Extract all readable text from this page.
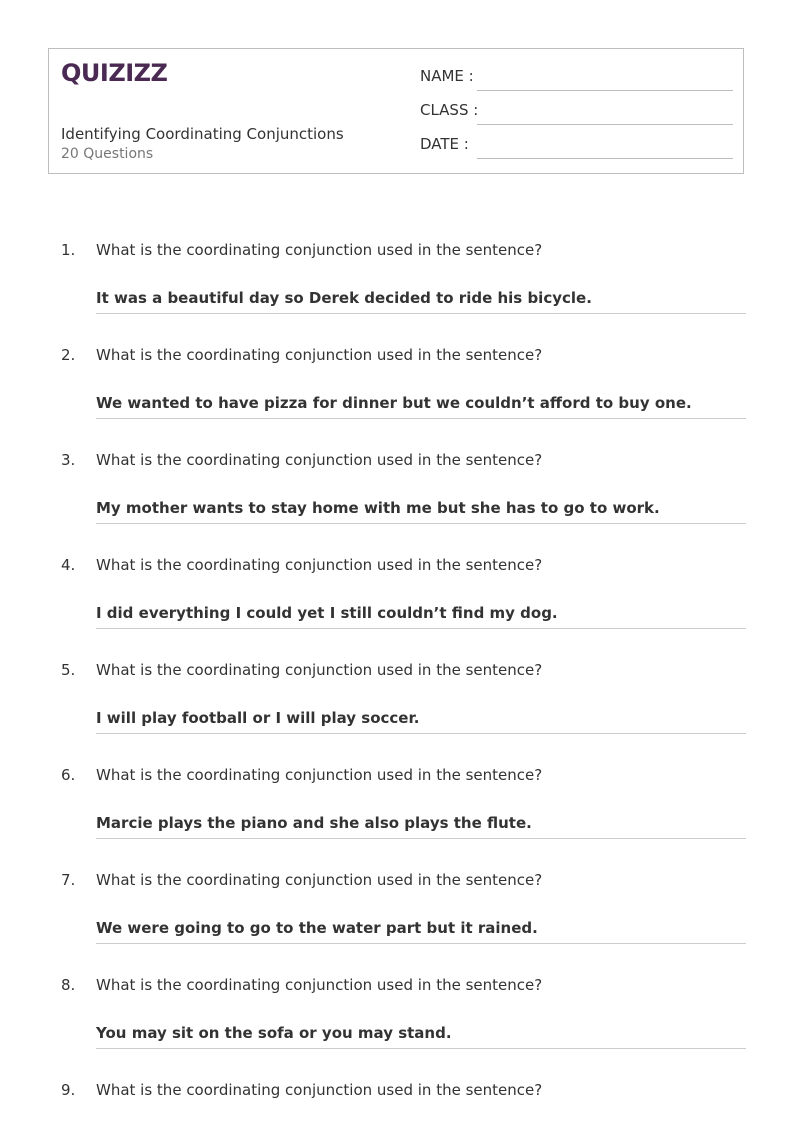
QUIZIZZ
Identifying Coordinating Conjunctions
20 Questions
NAME :
CLASS :
DATE :
1. What is the coordinating conjunction used in the sentence?
It was a beautiful day so Derek decided to ride his bicycle.
2. What is the coordinating conjunction used in the sentence?
We wanted to have pizza for dinner but we couldn’t afford to buy one.
3. What is the coordinating conjunction used in the sentence?
My mother wants to stay home with me but she has to go to work.
4. What is the coordinating conjunction used in the sentence?
I did everything I could yet I still couldn’t find my dog.
5. What is the coordinating conjunction used in the sentence?
I will play football or I will play soccer.
6. What is the coordinating conjunction used in the sentence?
Marcie plays the piano and she also plays the flute.
7. What is the coordinating conjunction used in the sentence?
We were going to go to the water part but it rained.
8. What is the coordinating conjunction used in the sentence?
You may sit on the sofa or you may stand.
9. What is the coordinating conjunction used in the sentence?
